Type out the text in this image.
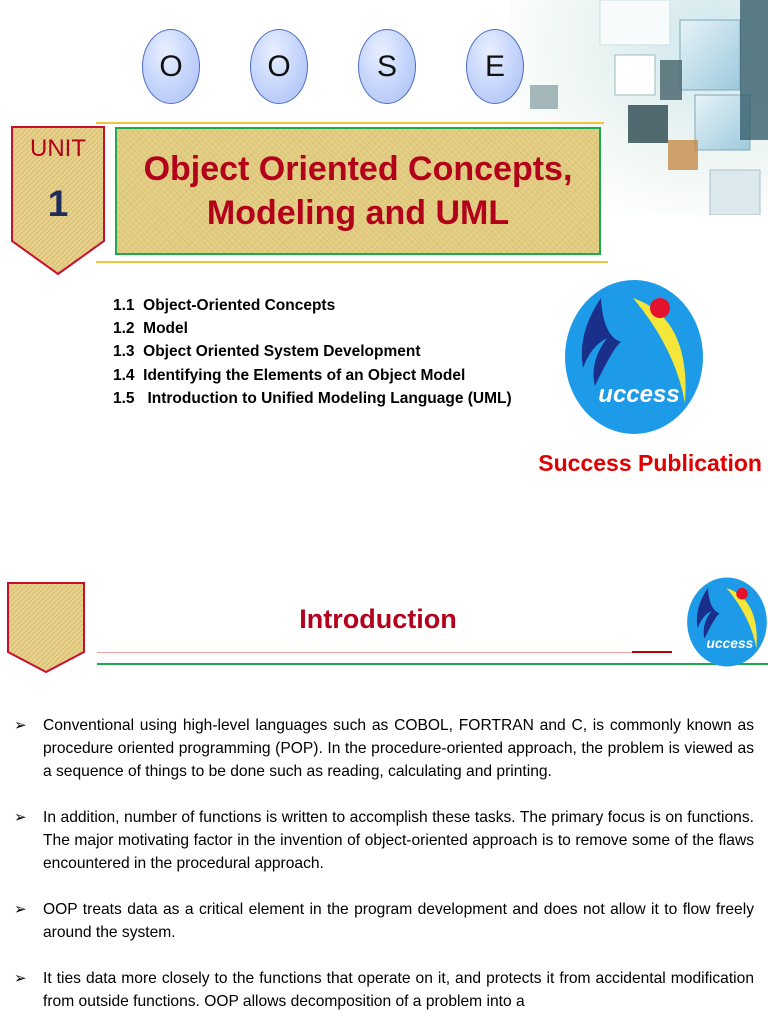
O	O	S	E
UNIT
1
Object Oriented Concepts, Modeling and UML
1.1  Object-Oriented Concepts
1.2  Model
1.3  Object Oriented System Development
1.4  Identifying the Elements of an Object Model
1.5   Introduction to Unified Modeling Language (UML)	uccess
Success Publication
Introduction
uccess
➢ Conventional using high-level languages such as COBOL, FORTRAN and C, is commonly known as procedure oriented programming (POP). In the procedure-oriented approach, the problem is viewed as a sequence of things to be done such as reading, calculating and printing.
➢ In addition, number of functions is written to accomplish these tasks. The primary focus is on functions. The major motivating factor in the invention of object-oriented approach is to remove some of the flaws encountered in the procedural approach.
➢ OOP treats data as a critical element in the program development and does not allow it to flow freely around the system.
➢ It ties data more closely to the functions that operate on it, and protects it from accidental modification from outside functions. OOP allows decomposition of a problem into a
